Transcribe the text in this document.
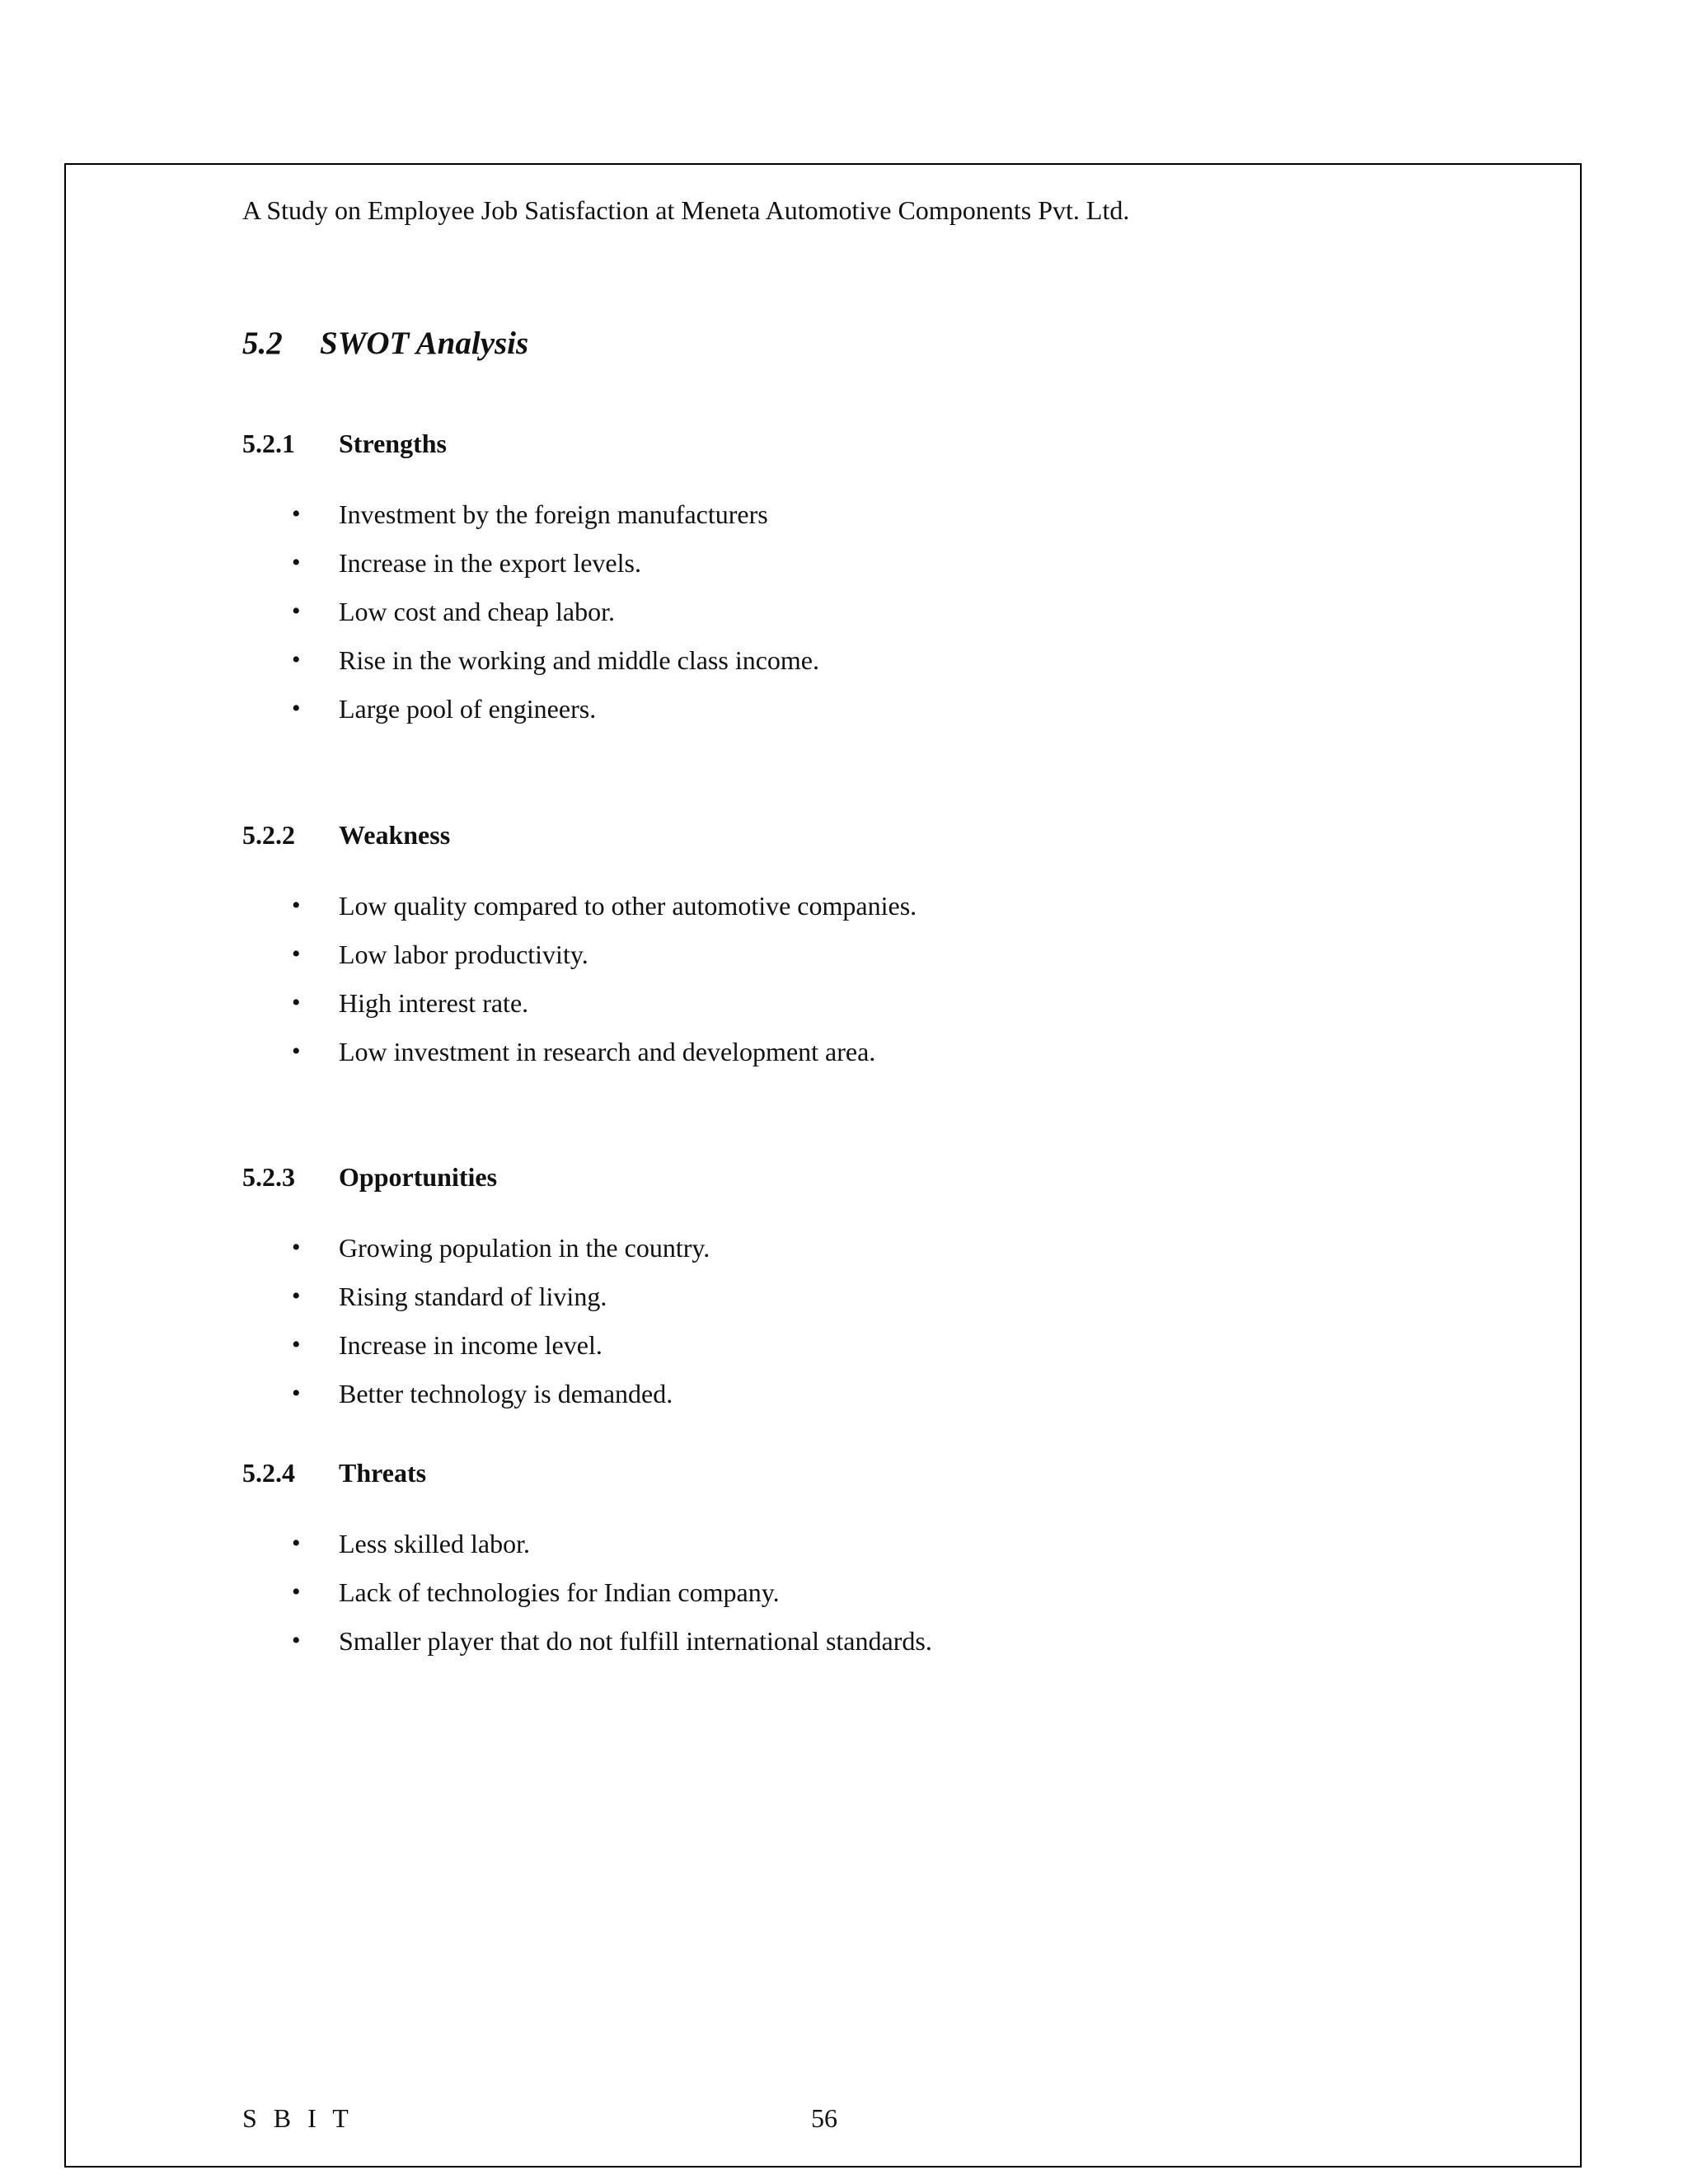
A Study on Employee Job Satisfaction at Meneta Automotive Components Pvt. Ltd.
5.2 SWOT Analysis
5.2.1 Strengths
• Investment by the foreign manufacturers
• Increase in the export levels.
• Low cost and cheap labor.
• Rise in the working and middle class income.
• Large pool of engineers.
5.2.2 Weakness
• Low quality compared to other automotive companies.
• Low labor productivity.
• High interest rate.
• Low investment in research and development area.
5.2.3 Opportunities
• Growing population in the country.
• Rising standard of living.
• Increase in income level.
• Better technology is demanded.
5.2.4 Threats
• Less skilled labor.
• Lack of technologies for Indian company.
• Smaller player that do not fulfill international standards.
S B I T	56
